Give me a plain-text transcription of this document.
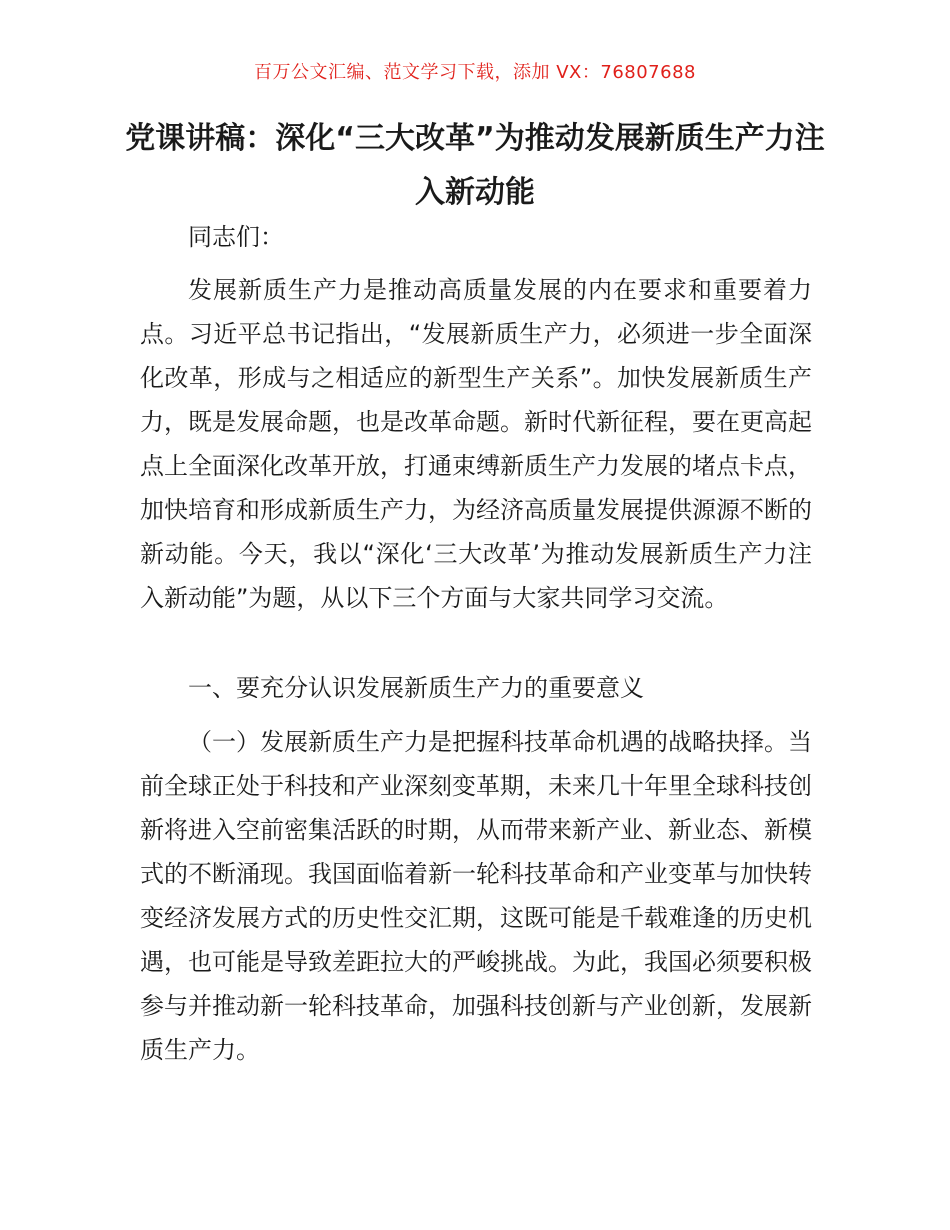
百万公文汇编、范文学习下载，添加 VX：76807688
党课讲稿：深化“三大改革”为推动发展新质生产力注入新动能
同志们：
发展新质生产力是推动高质量发展的内在要求和重要着力点。习近平总书记指出，“发展新质生产力，必须进一步全面深化改革，形成与之相适应的新型生产关系”。加快发展新质生产力，既是发展命题，也是改革命题。新时代新征程，要在更高起点上全面深化改革开放，打通束缚新质生产力发展的堵点卡点，加快培育和形成新质生产力，为经济高质量发展提供源源不断的新动能。今天，我以“深化‘三大改革’为推动发展新质生产力注入新动能”为题，从以下三个方面与大家共同学习交流。
一、要充分认识发展新质生产力的重要意义
（一）发展新质生产力是把握科技革命机遇的战略抉择。当前全球正处于科技和产业深刻变革期，未来几十年里全球科技创新将进入空前密集活跃的时期，从而带来新产业、新业态、新模式的不断涌现。我国面临着新一轮科技革命和产业变革与加快转变经济发展方式的历史性交汇期，这既可能是千载难逢的历史机遇，也可能是导致差距拉大的严峻挑战。为此，我国必须要积极参与并推动新一轮科技革命，加强科技创新与产业创新，发展新质生产力。
